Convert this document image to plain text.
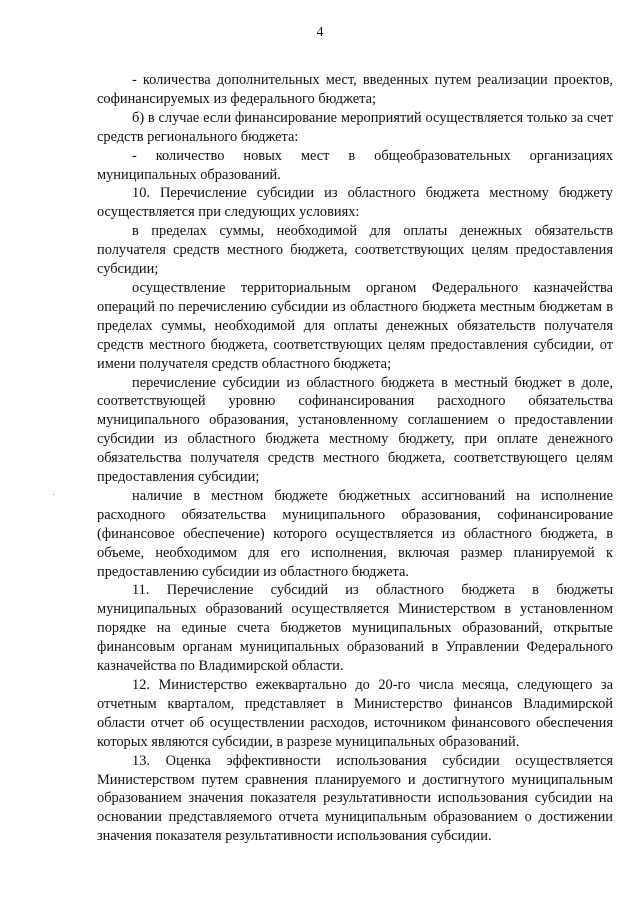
4

- количества дополнительных мест, введенных путем реализации проектов, софинансируемых из федерального бюджета;

б) в случае если финансирование мероприятий осуществляется только за счет средств регионального бюджета:

- количество новых мест в общеобразовательных организациях муниципальных образований.

10. Перечисление субсидии из областного бюджета местному бюджету осуществляется при следующих условиях:

в пределах суммы, необходимой для оплаты денежных обязательств получателя средств местного бюджета, соответствующих целям предоставления субсидии;

осуществление территориальным органом Федерального казначейства операций по перечислению субсидии из областного бюджета местным бюджетам в пределах суммы, необходимой для оплаты денежных обязательств получателя средств местного бюджета, соответствующих целям предоставления субсидии, от имени получателя средств областного бюджета;

перечисление субсидии из областного бюджета в местный бюджет в доле, соответствующей уровню софинансирования расходного обязательства муниципального образования, установленному соглашением о предоставлении субсидии из областного бюджета местному бюджету, при оплате денежного обязательства получателя средств местного бюджета, соответствующего целям предоставления субсидии;

наличие в местном бюджете бюджетных ассигнований на исполнение расходного обязательства муниципального образования, софинансирование (финансовое обеспечение) которого осуществляется из областного бюджета, в объеме, необходимом для его исполнения, включая размер планируемой к предоставлению субсидии из областного бюджета.

11. Перечисление субсидий из областного бюджета в бюджеты муниципальных образований осуществляется Министерством в установленном порядке на единые счета бюджетов муниципальных образований, открытые финансовым органам муниципальных образований в Управлении Федерального казначейства по Владимирской области.

12. Министерство ежеквартально до 20-го числа месяца, следующего за отчетным кварталом, представляет в Министерство финансов Владимирской области отчет об осуществлении расходов, источником финансового обеспечения которых являются субсидии, в разрезе муниципальных образований.

13. Оценка эффективности использования субсидии осуществляется Министерством путем сравнения планируемого и достигнутого муниципальным образованием значения показателя результативности использования субсидии на основании представляемого отчета муниципальным образованием о достижении значения показателя результативности использования субсидии.
